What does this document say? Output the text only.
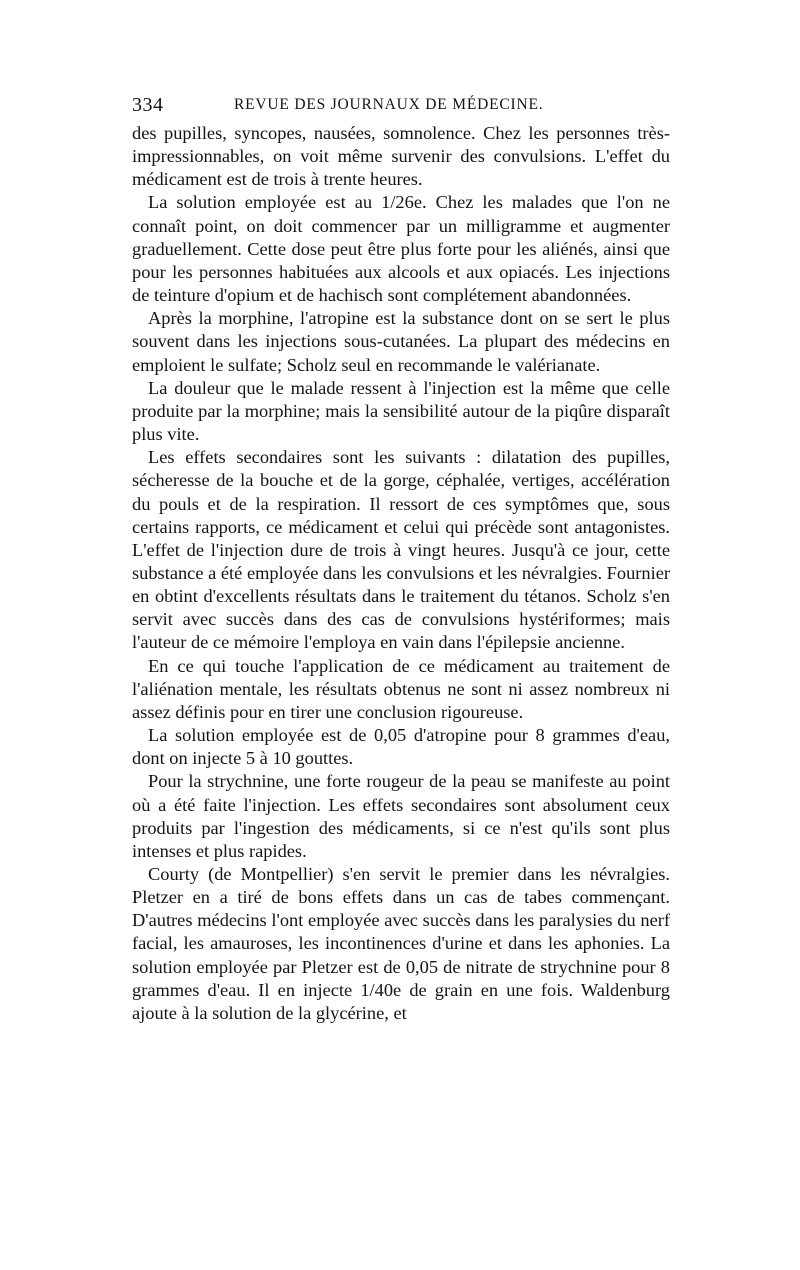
334	REVUE DES JOURNAUX DE MÉDECINE.

des pupilles, syncopes, nausées, somnolence. Chez les personnes très-impressionnables, on voit même survenir des convulsions. L'effet du médicament est de trois à trente heures.

La solution employée est au 1/26e. Chez les malades que l'on ne connaît point, on doit commencer par un milligramme et augmenter graduellement. Cette dose peut être plus forte pour les aliénés, ainsi que pour les personnes habituées aux alcools et aux opiacés. Les injections de teinture d'opium et de hachisch sont complétement abandonnées.

Après la morphine, l'atropine est la substance dont on se sert le plus souvent dans les injections sous-cutanées. La plupart des médecins en emploient le sulfate; Scholz seul en recommande le valérianate.

La douleur que le malade ressent à l'injection est la même que celle produite par la morphine; mais la sensibilité autour de la piqûre disparaît plus vite.

Les effets secondaires sont les suivants : dilatation des pupilles, sécheresse de la bouche et de la gorge, céphalée, vertiges, accélération du pouls et de la respiration. Il ressort de ces symptômes que, sous certains rapports, ce médicament et celui qui précède sont antagonistes. L'effet de l'injection dure de trois à vingt heures. Jusqu'à ce jour, cette substance a été employée dans les convulsions et les névralgies. Fournier en obtint d'excellents résultats dans le traitement du tétanos. Scholz s'en servit avec succès dans des cas de convulsions hystériformes; mais l'auteur de ce mémoire l'employa en vain dans l'épilepsie ancienne.

En ce qui touche l'application de ce médicament au traitement de l'aliénation mentale, les résultats obtenus ne sont ni assez nombreux ni assez définis pour en tirer une conclusion rigoureuse.

La solution employée est de 0,05 d'atropine pour 8 grammes d'eau, dont on injecte 5 à 10 gouttes.

Pour la strychnine, une forte rougeur de la peau se manifeste au point où a été faite l'injection. Les effets secondaires sont absolument ceux produits par l'ingestion des médicaments, si ce n'est qu'ils sont plus intenses et plus rapides.

Courty (de Montpellier) s'en servit le premier dans les névralgies. Pletzer en a tiré de bons effets dans un cas de tabes commençant. D'autres médecins l'ont employée avec succès dans les paralysies du nerf facial, les amauroses, les incontinences d'urine et dans les aphonies. La solution employée par Pletzer est de 0,05 de nitrate de strychnine pour 8 grammes d'eau. Il en injecte 1/40e de grain en une fois. Waldenburg ajoute à la solution de la glycérine, et
